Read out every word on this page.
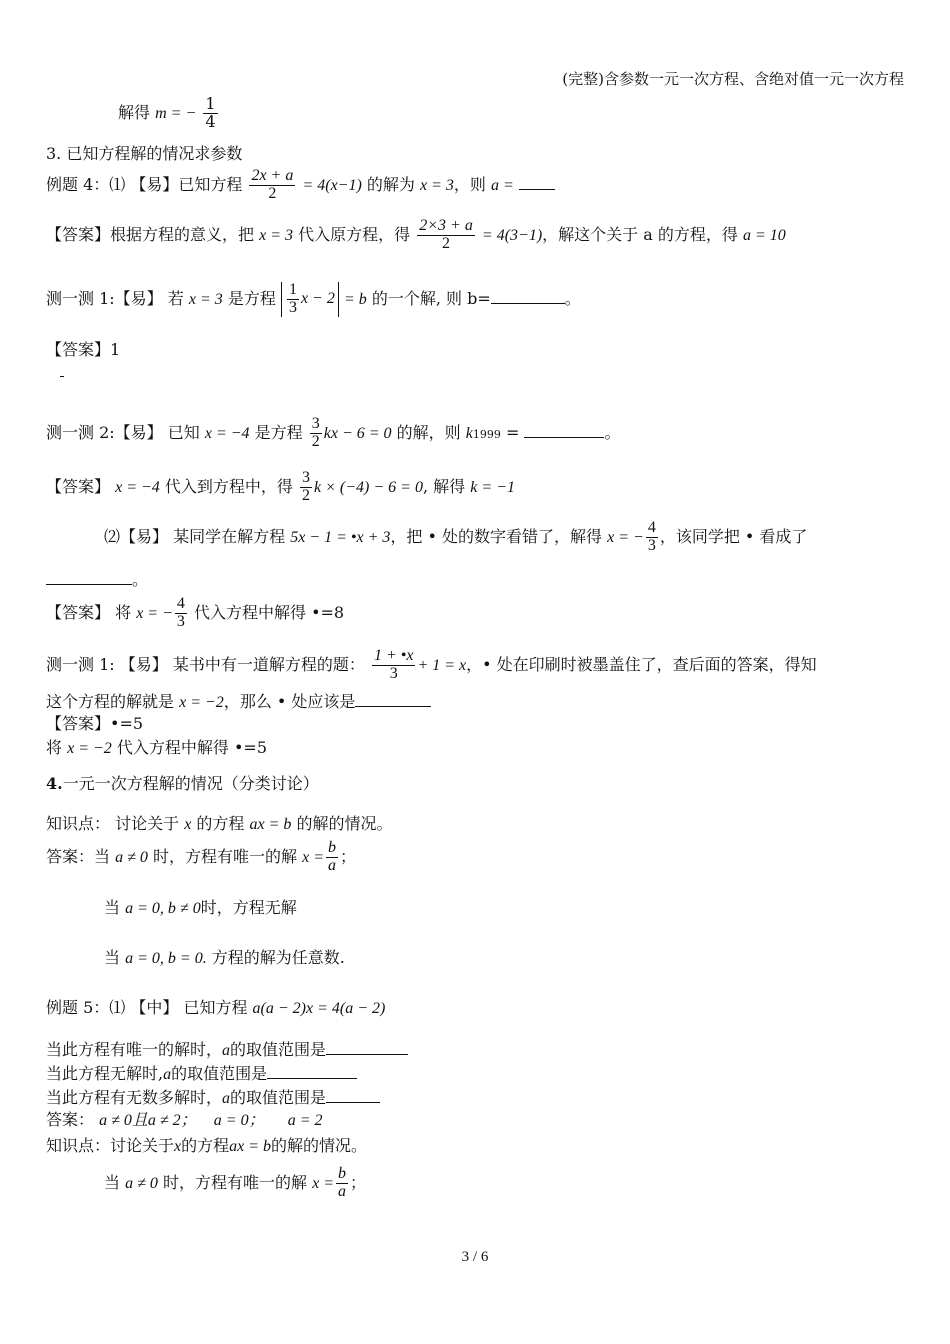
(完整)含参数一元一次方程、含绝对值一元一次方程
解得 m = − $\frac{1}{4}$
3. 已知方程解的情况求参数
例题 4：⑴ 【易】已知方程 $\frac{2x + a}{2} = 4(x-1)$ 的解为 x = 3，则 a =
【答案】根据方程的意义，把 x = 3 代入原方程，得 $\frac{2\times 3 + a}{2} = 4(3-1)$，解这个关于 a 的方程，得 a = 10
测一测 1:【易】 若 x = 3 是方程 $\frac{1}{3}$ x − 2 = b 的一个解, 则 b=	。
【答案】1
测一测 2:【易】 已知 x = −4 是方程 $\frac{3}{2}$ kx − 6 = 0 的解，则 k1999 =	。
【答案】 x = −4 代入到方程中，得 $\frac{3}{2}$ k × (−4) − 6 = 0, 解得 k = −1
⑵【易】 某同学在解方程 5x − 1 = •x + 3，把 • 处的数字看错了，解得 x = − $\frac{4}{3}$ ，该同学把 • 看成了
。
【答案】 将 x = − $\frac{4}{3}$ 代入方程中解得 •=8
测一测 1: 【易】 某书中有一道解方程的题： $\frac{1 + •x}{3} + 1 = x$，• 处在印刷时被墨盖住了，查后面的答案，得知
这个方程的解就是 x = −2，那么 • 处应该是
【答案】•=5
将 x = −2 代入方程中解得 •=5
4.一元一次方程解的情况（分类讨论）
知识点： 讨论关于 x 的方程 ax = b 的解的情况。
答案：当 a ≠ 0 时，方程有唯一的解 $x = \frac{b}{a}$ ；
当 a = 0, b ≠ 0时，方程无解
当 a = 0, b = 0. 方程的解为任意数.
例题 5：⑴ 【中】 已知方程 a(a − 2)x = 4(a − 2)
当此方程有唯一的解时，a的取值范围是
当此方程无解时,a的取值范围是
当此方程有无数多解时，a的取值范围是
答案： a ≠ 0且a ≠ 2； a = 0； a = 2
知识点：讨论关于x的方程ax = b的解的情况。
当 a ≠ 0 时，方程有唯一的解 $x = \frac{b}{a}$ ；
3 / 6
